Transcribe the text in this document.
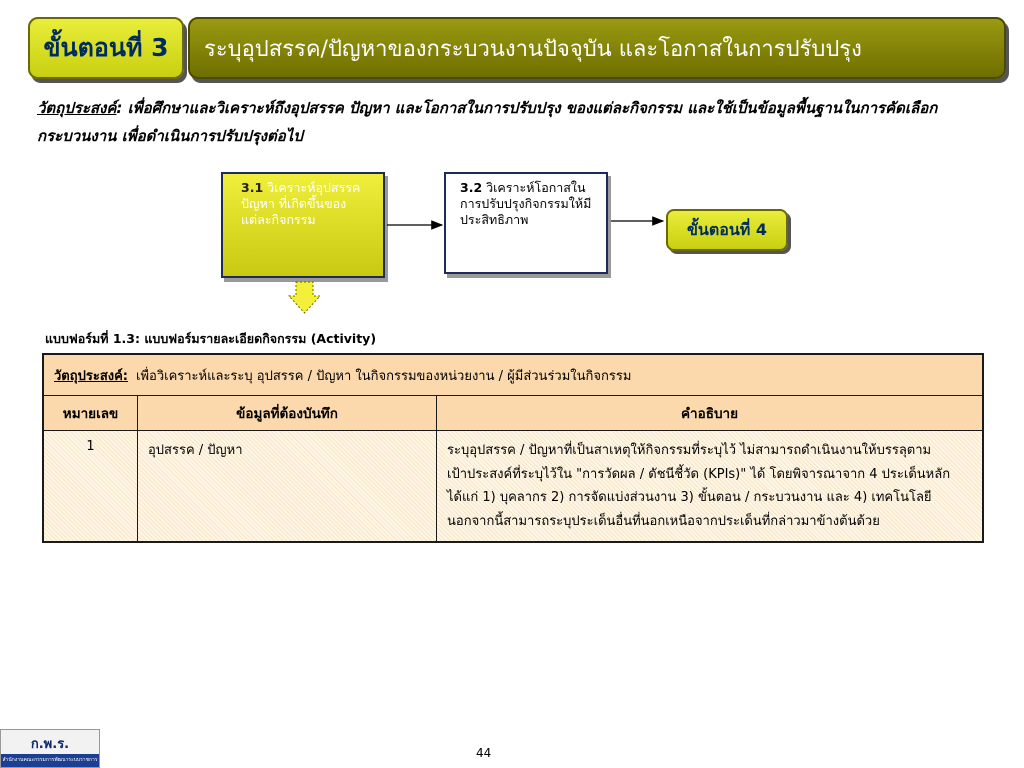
ขั้นตอนที่ 3 ระบุอุปสรรค/ปัญหาของกระบวนงานปัจจุบัน และโอกาสในการปรับปรุง
วัตถุประสงค์: เพื่อศึกษาและวิเคราะห์ถึงอุปสรรค ปัญหา และโอกาสในการปรับปรุง ของแต่ละกิจกรรม และใช้เป็นข้อมูลพื้นฐานในการคัดเลือกกระบวนงาน เพื่อดำเนินการปรับปรุงต่อไป
3.1 วิเคราะห์อุปสรรค ปัญหา ที่เกิดขึ้นของแต่ละกิจกรรม
3.2 วิเคราะห์โอกาสในการปรับปรุงกิจกรรมให้มีประสิทธิภาพ	ขั้นตอนที่ 4
แบบฟอร์มที่ 1.3: แบบฟอร์มรายละเอียดกิจกรรม (Activity)
วัตถุประสงค์: เพื่อวิเคราะห์และระบุ อุปสรรค / ปัญหา ในกิจกรรมของหน่วยงาน / ผู้มีส่วนร่วมในกิจกรรม		
หมายเลข	ข้อมูลที่ต้องบันทึก	คำอธิบาย
1	อุปสรรค / ปัญหา	ระบุอุปสรรค / ปัญหาที่เป็นสาเหตุให้กิจกรรมที่ระบุไว้ ไม่สามารถดำเนินงานให้บรรลุตามเป้าประสงค์ที่ระบุไว้ใน "การวัดผล / ดัชนีชี้วัด (KPIs)" ได้ โดยพิจารณาจาก 4 ประเด็นหลัก ได้แก่ 1) บุคลากร 2) การจัดแบ่งส่วนงาน 3) ขั้นตอน / กระบวนงาน และ 4) เทคโนโลยี นอกจากนี้สามารถระบุประเด็นอื่นที่นอกเหนือจากประเด็นที่กล่าวมาข้างต้นด้วย
ก.พ.ร.
สำนักงานคณะกรรมการพัฒนาระบบราชการ	44
